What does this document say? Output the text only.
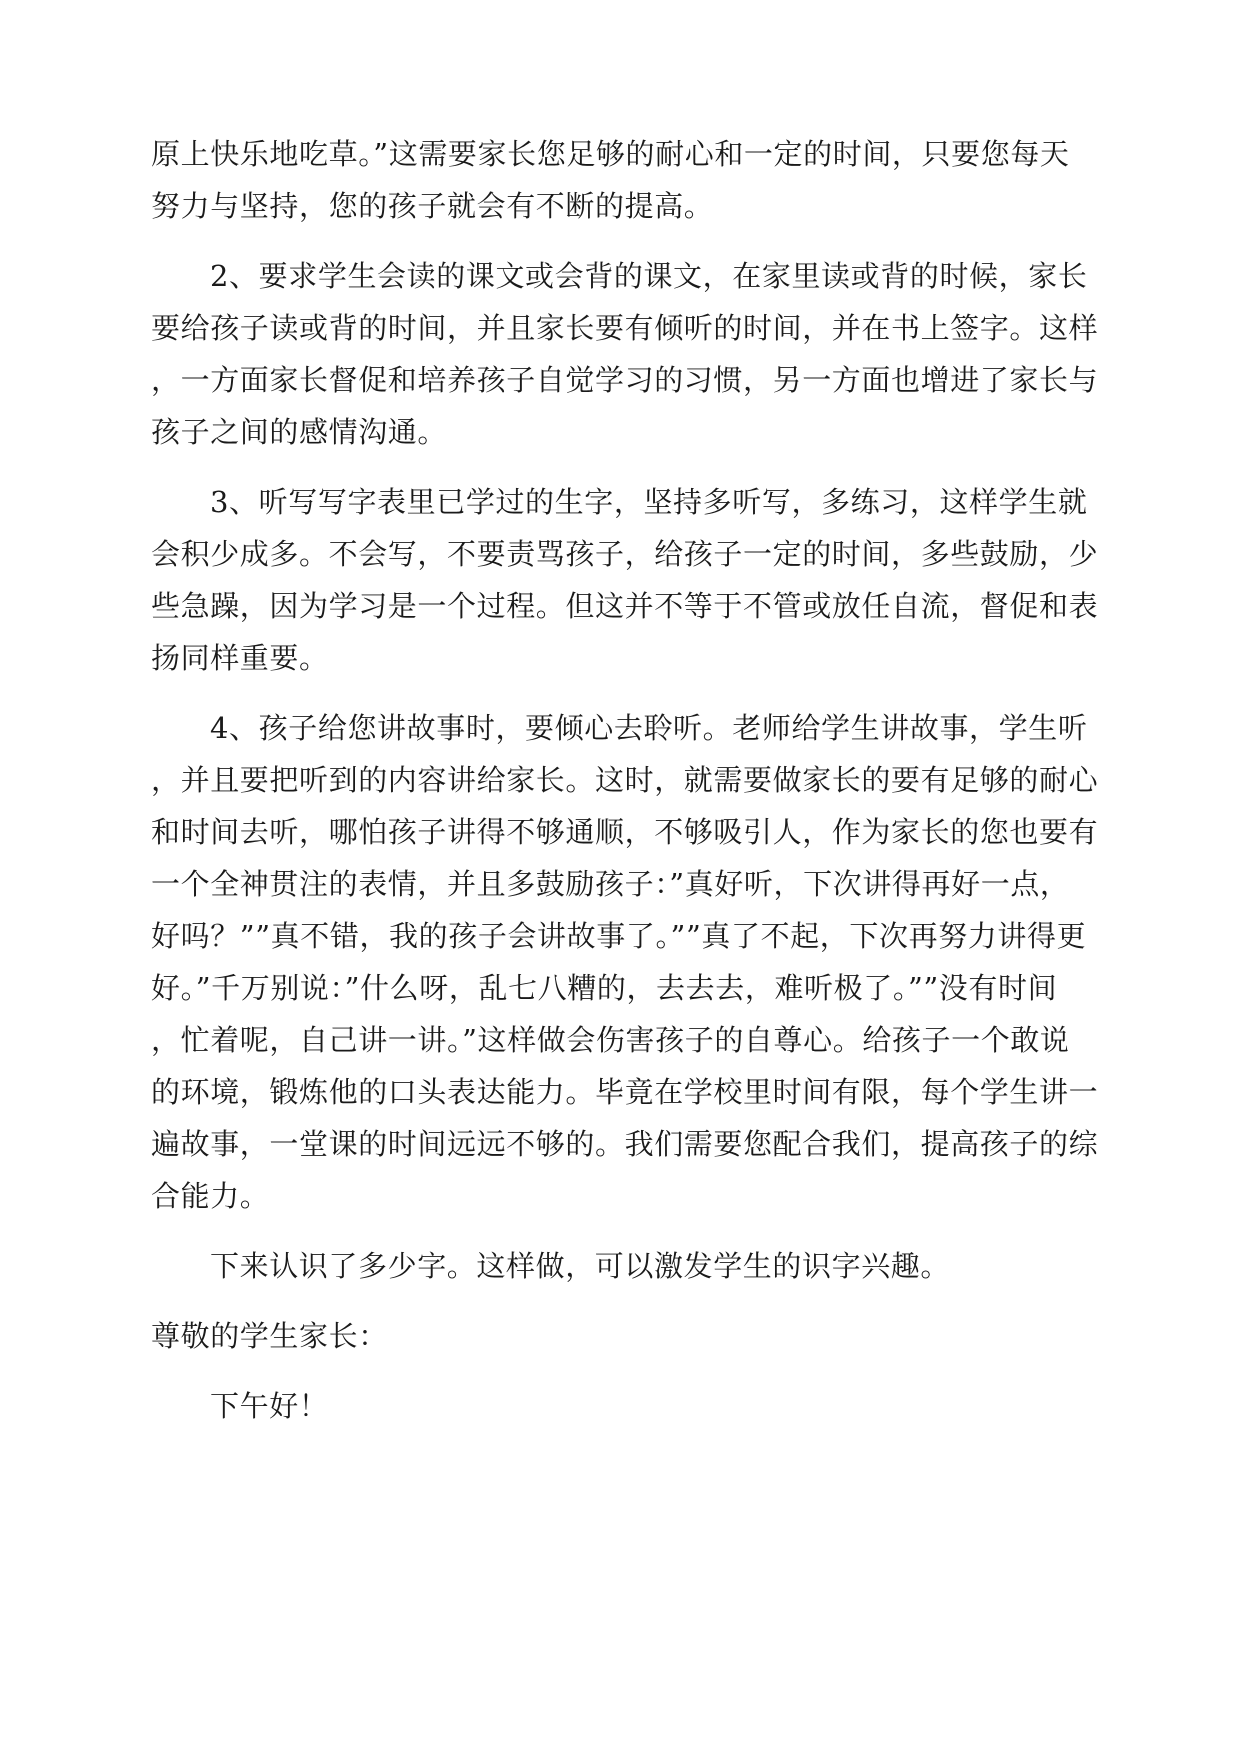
原上快乐地吃草。”这需要家长您足够的耐心和一定的时间，只要您每天
努力与坚持，您的孩子就会有不断的提高。
2、要求学生会读的课文或会背的课文，在家里读或背的时候，家长
要给孩子读或背的时间，并且家长要有倾听的时间，并在书上签字。这样
，一方面家长督促和培养孩子自觉学习的习惯，另一方面也增进了家长与
孩子之间的感情沟通。
3、听写写字表里已学过的生字，坚持多听写，多练习，这样学生就
会积少成多。不会写，不要责骂孩子，给孩子一定的时间，多些鼓励，少
些急躁，因为学习是一个过程。但这并不等于不管或放任自流，督促和表
扬同样重要。
4、孩子给您讲故事时，要倾心去聆听。老师给学生讲故事，学生听
，并且要把听到的内容讲给家长。这时，就需要做家长的要有足够的耐心
和时间去听，哪怕孩子讲得不够通顺，不够吸引人，作为家长的您也要有
一个全神贯注的表情，并且多鼓励孩子：”真好听，下次讲得再好一点，
好吗？””真不错，我的孩子会讲故事了。””真了不起，下次再努力讲得更
好。”千万别说：”什么呀，乱七八糟的，去去去，难听极了。””没有时间
，忙着呢，自己讲一讲。”这样做会伤害孩子的自尊心。给孩子一个敢说
的环境，锻炼他的口头表达能力。毕竟在学校里时间有限，每个学生讲一
遍故事，一堂课的时间远远不够的。我们需要您配合我们，提高孩子的综
合能力。
下来认识了多少字。这样做，可以激发学生的识字兴趣。
尊敬的学生家长：
下午好！
